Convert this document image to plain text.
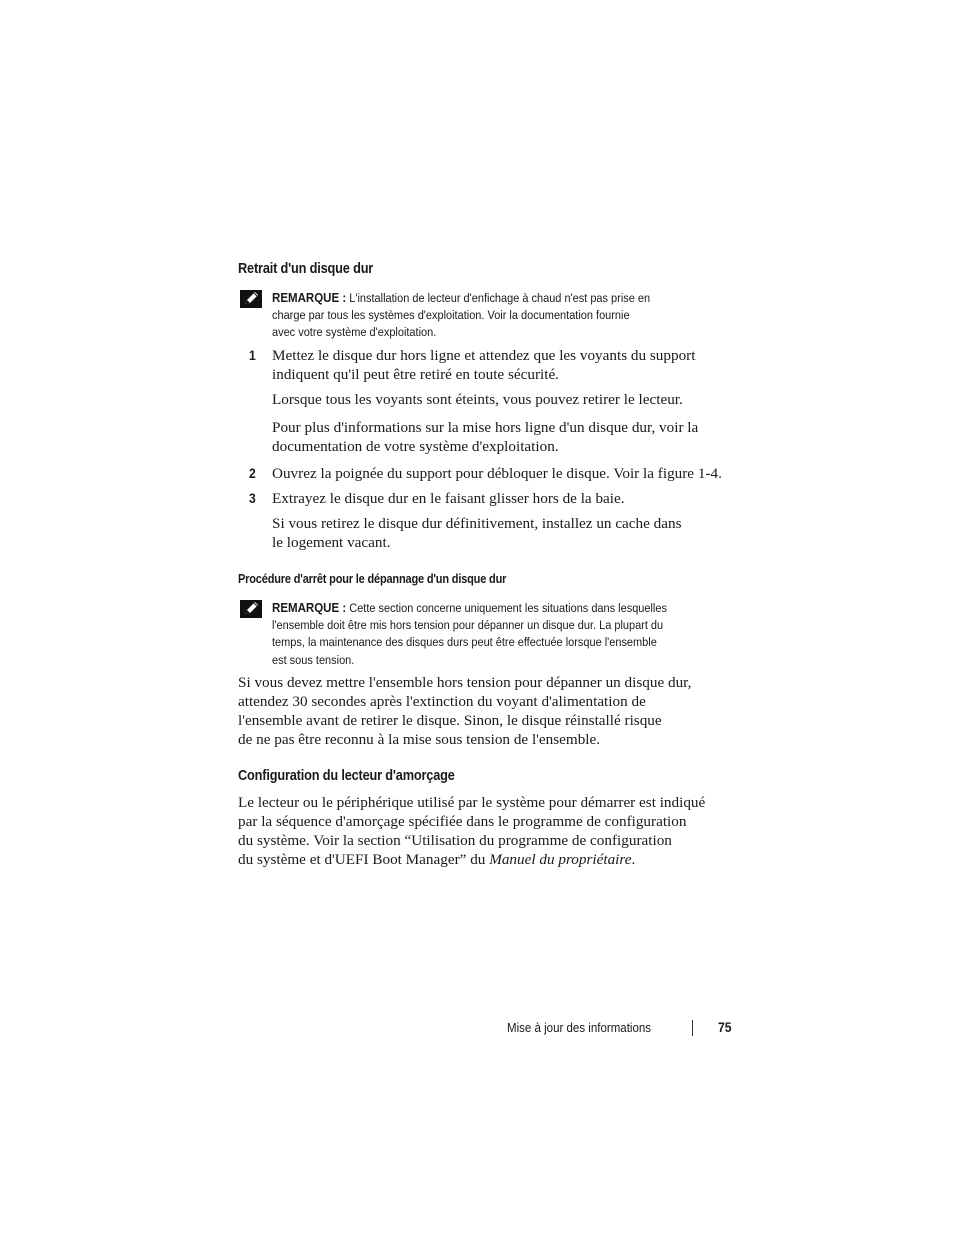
Retrait d'un disque dur
REMARQUE : L'installation de lecteur d'enfichage à chaud n'est pas prise en
charge par tous les systèmes d'exploitation. Voir la documentation fournie
avec votre système d'exploitation.
1 Mettez le disque dur hors ligne et attendez que les voyants du support
indiquent qu'il peut être retiré en toute sécurité.
Lorsque tous les voyants sont éteints, vous pouvez retirer le lecteur.
Pour plus d'informations sur la mise hors ligne d'un disque dur, voir la
documentation de votre système d'exploitation.
2 Ouvrez la poignée du support pour débloquer le disque. Voir la figure 1-4.
3 Extrayez le disque dur en le faisant glisser hors de la baie.
Si vous retirez le disque dur définitivement, installez un cache dans
le logement vacant.
Procédure d'arrêt pour le dépannage d'un disque dur
REMARQUE : Cette section concerne uniquement les situations dans lesquelles
l'ensemble doit être mis hors tension pour dépanner un disque dur. La plupart du
temps, la maintenance des disques durs peut être effectuée lorsque l'ensemble
est sous tension.
Si vous devez mettre l'ensemble hors tension pour dépanner un disque dur,
attendez 30 secondes après l'extinction du voyant d'alimentation de
l'ensemble avant de retirer le disque. Sinon, le disque réinstallé risque
de ne pas être reconnu à la mise sous tension de l'ensemble.
Configuration du lecteur d'amorçage
Le lecteur ou le périphérique utilisé par le système pour démarrer est indiqué
par la séquence d'amorçage spécifiée dans le programme de configuration
du système. Voir la section “Utilisation du programme de configuration
du système et d'UEFI Boot Manager” du Manuel du propriétaire.
Mise à jour des informations	75
